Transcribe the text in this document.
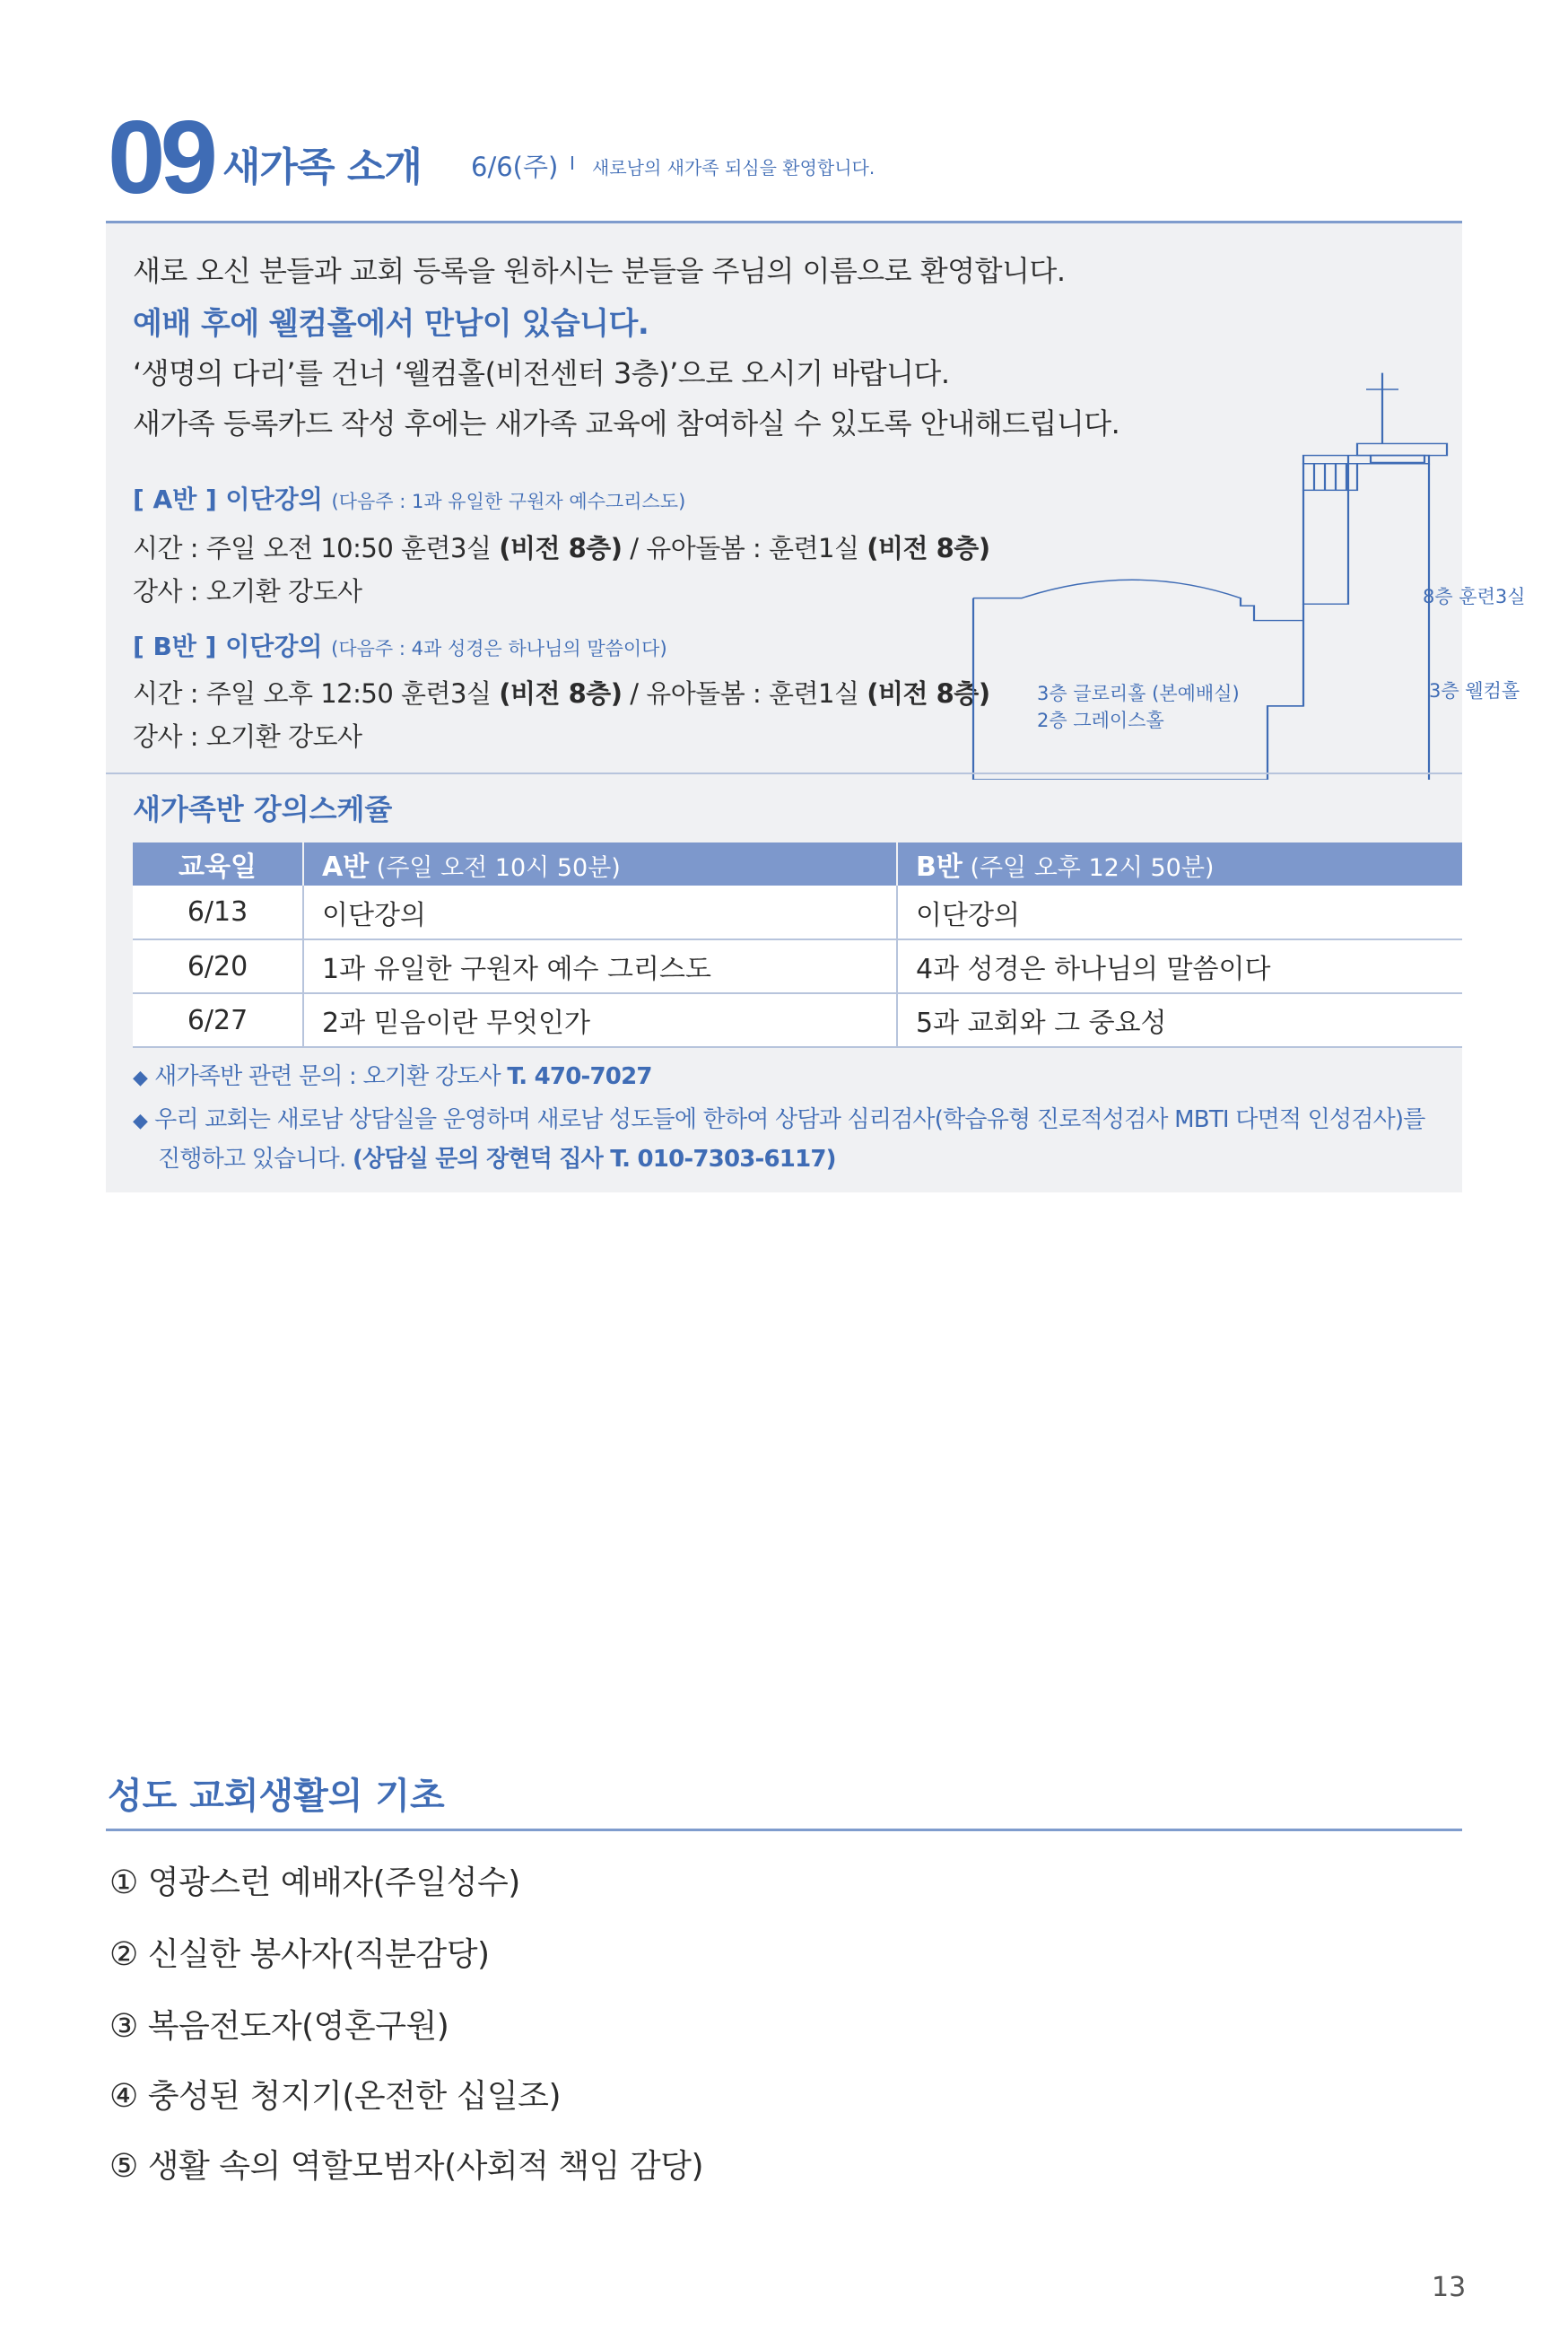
09 새가족 소개 6/6(주) I 새로남의 새가족 되심을 환영합니다.
새로 오신 분들과 교회 등록을 원하시는 분들을 주님의 이름으로 환영합니다.
예배 후에 웰컴홀에서 만남이 있습니다.
‘생명의 다리’를 건너 ‘웰컴홀(비전센터 3층)’으로 오시기 바랍니다.
새가족 등록카드 작성 후에는 새가족 교육에 참여하실 수 있도록 안내해드립니다.
[ A반 ] 이단강의 (다음주 : 1과 유일한 구원자 예수그리스도)
시간 : 주일 오전 10:50 훈련3실 (비전 8층) / 유아돌봄 : 훈련1실 (비전 8층)
강사 : 오기환 강도사
[ B반 ] 이단강의 (다음주 : 4과 성경은 하나님의 말씀이다)
시간 : 주일 오후 12:50 훈련3실 (비전 8층) / 유아돌봄 : 훈련1실 (비전 8층)
강사 : 오기환 강도사
8층 훈련3실
3층 웰컴홀
3층 글로리홀 (본예배실)
2층 그레이스홀
새가족반 강의스케쥴
교육일	A반 (주일 오전 10시 50분)	B반 (주일 오후 12시 50분)
6/13	이단강의	이단강의
6/20	1과 유일한 구원자 예수 그리스도	4과 성경은 하나님의 말씀이다
6/27	2과 믿음이란 무엇인가	5과 교회와 그 중요성
◆ 새가족반 관련 문의 : 오기환 강도사 T. 470-7027
◆ 우리 교회는 새로남 상담실을 운영하며 새로남 성도들에 한하여 상담과 심리검사(학습유형 진로적성검사 MBTI 다면적 인성검사)를
진행하고 있습니다. (상담실 문의 장현덕 집사 T. 010-7303-6117)
성도 교회생활의 기초
① 영광스런 예배자(주일성수)
② 신실한 봉사자(직분감당)
③ 복음전도자(영혼구원)
④ 충성된 청지기(온전한 십일조)
⑤ 생활 속의 역할모범자(사회적 책임 감당)
13
